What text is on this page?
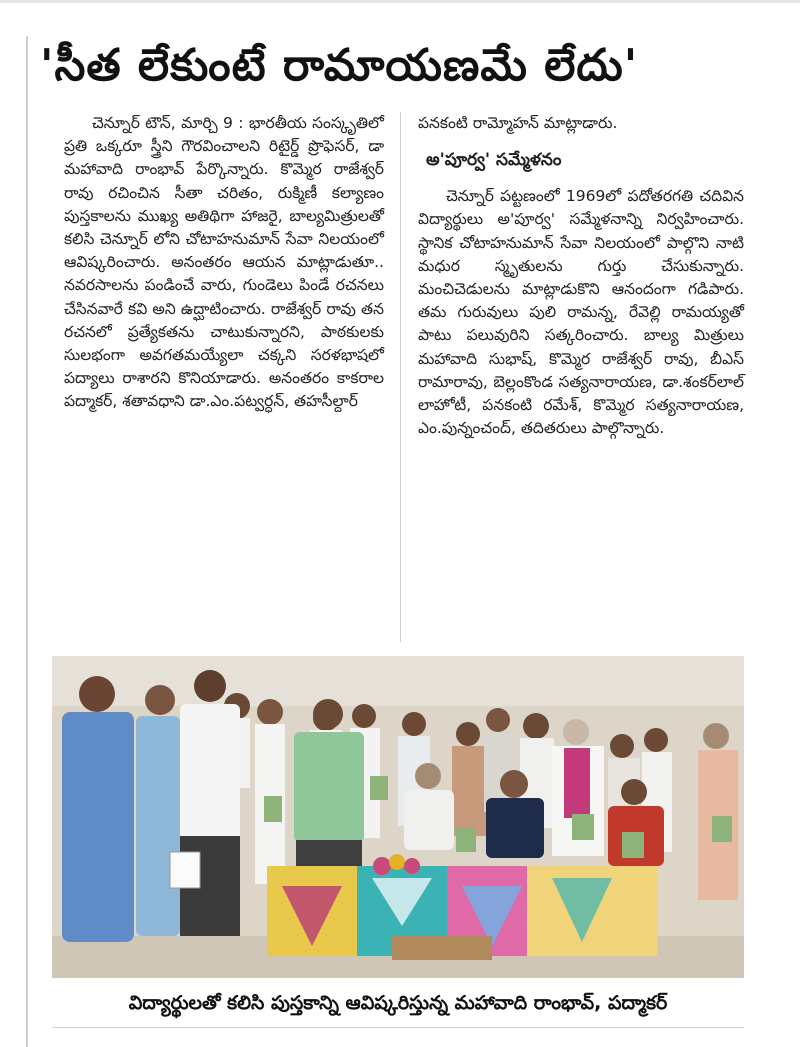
'సీత లేకుంటే రామాయణమే లేదు'

చెన్నూర్ టౌన్, మార్చి 9 : భారతీయ సంస్కృతిలో ప్రతి ఒక్కరూ స్త్రీని గౌరవించాలని రిటైర్డ్ ప్రొఫెసర్, డా మహావాది రాంభావ్ పేర్కొన్నారు. కొమ్మెర రాజేశ్వర్ రావు రచించిన సీతా చరితం, రుక్మిణీ కల్యాణం పుస్తకాలను ముఖ్య అతిథిగా హాజరై, బాల్యమిత్రులతో కలిసి చెన్నూర్ లోని చోటాహనుమాన్ సేవా నిలయంలో ఆవిష్కరించారు. అనంతరం ఆయన మాట్లాడుతూ.. నవరసాలను పండించే వారు, గుండెలు పిండే రచనలు చేసినవారే కవి అని ఉద్ఘాటించారు. రాజేశ్వర్ రావు తన రచనలో ప్రత్యేకతను చాటుకున్నారని, పాఠకులకు సులభంగా అవగతమయ్యేలా చక్కని సరళభాషలో పద్యాలు రాశారని కొనియాడారు. అనంతరం కాకరాల పద్మాకర్, శతావధాని డా.ఎం.పట్వర్ధన్, తహసీల్దార్

పనకంటి రామ్మోహన్ మాట్లాడారు.

అ'పూర్వ' సమ్మేళనం

చెన్నూర్ పట్టణంలో 1969లో పదోతరగతి చదివిన విద్యార్థులు అ'పూర్వ' సమ్మేళనాన్ని నిర్వహించారు. స్థానిక చోటాహనుమాన్ సేవా నిలయంలో పాల్గొని నాటి మధుర స్మృతులను గుర్తు చేసుకున్నారు. మంచిచెడులను మాట్లాడుకొని ఆనందంగా గడిపారు. తమ గురువులు పులి రామన్న, రేవెల్లి రామయ్యతో పాటు పలువురిని సత్కరించారు. బాల్య మిత్రులు మహావాది సుభాష్, కొమ్మెర రాజేశ్వర్ రావు, బీఎస్ రామారావు, బెల్లంకొండ సత్యనారాయణ, డా.శంకర్‌లాల్ లాహోటీ, పనకంటి రమేశ్, కొమ్మెర సత్యనారాయణ, ఎం.పున్నంచంద్, తదితరులు పాల్గొన్నారు.

విద్యార్థులతో కలిసి పుస్తకాన్ని ఆవిష్కరిస్తున్న మహావాది రాంభావ్, పద్మాకర్
